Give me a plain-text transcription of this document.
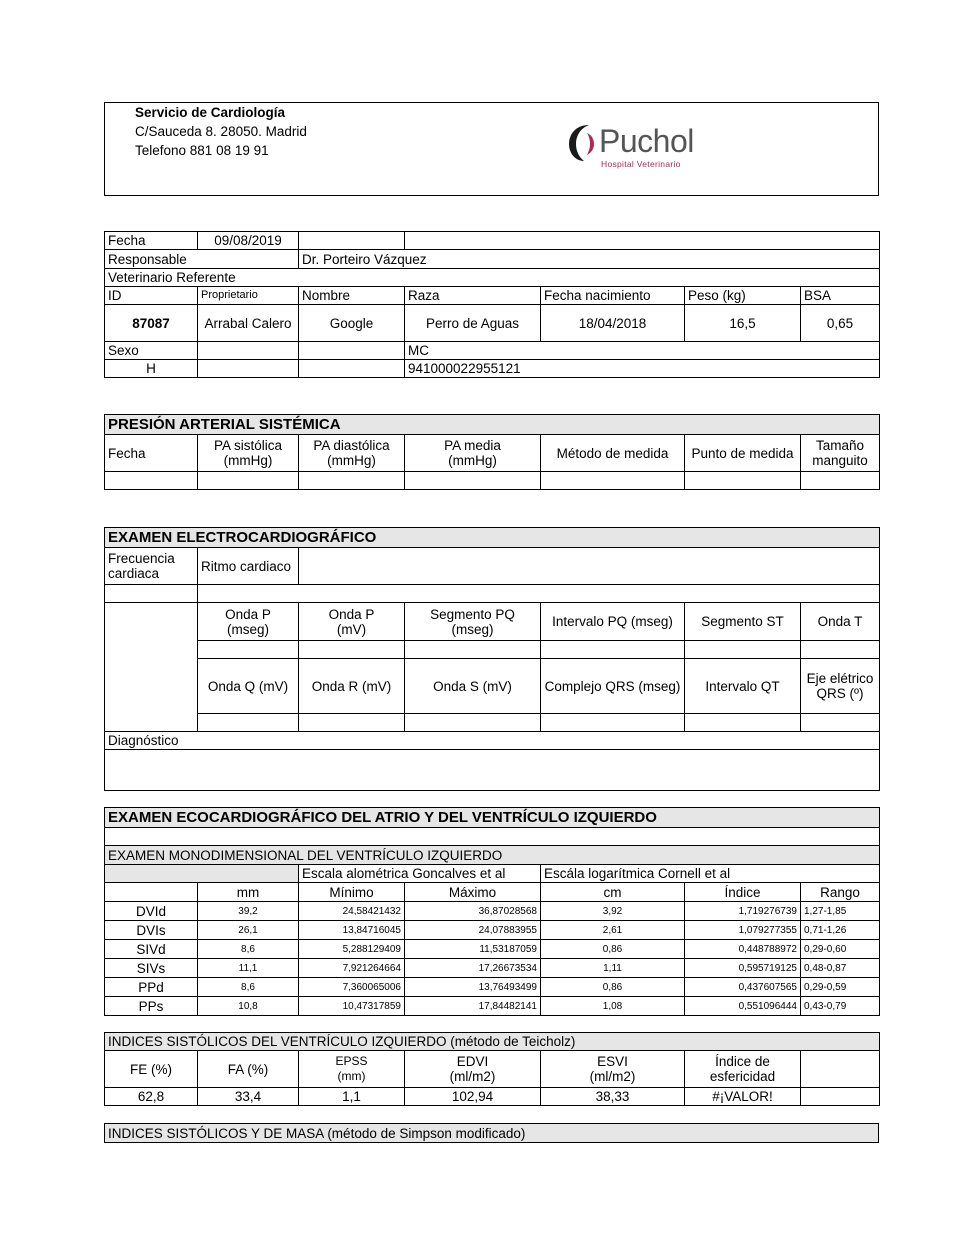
Servicio de Cardiología
C/Sauceda 8. 28050. Madrid
Telefono 881 08 19 91	Puchol
Hospital Veterinario
Fecha	09/08/2019					
Responsable		Dr. Porteiro Vázquez				
Veterinario Referente						
ID	Proprietario	Nombre	Raza	Fecha nacimiento	Peso (kg)	BSA
87087	Arrabal Calero	Google	Perro de Aguas	18/04/2018	16,5	0,65
Sexo			MC			
H			941000022955121			
PRESIÓN ARTERIAL SISTÉMICA						
Fecha	PA sistólica (mmHg)	PA diastólica (mmHg)	PA media (mmHg)	Método de medida	Punto de medida	Tamaño manguito

EXAMEN ELECTROCARDIOGRÁFICO						
Frecuencia cardiaca	Ritmo cardiaco					

	Onda P (mseg)	Onda P (mV)	Segmento PQ (mseg)	Intervalo PQ (mseg)	Segmento ST	Onda T

	Onda Q (mV)	Onda R (mV)	Onda S (mV)	Complejo QRS (mseg)	Intervalo QT	Eje elétrico QRS (º)

Diagnóstico						

EXAMEN ECOCARDIOGRÁFICO DEL ATRIO Y DEL VENTRÍCULO IZQUIERDO						

EXAMEN MONODIMENSIONAL DEL VENTRÍCULO IZQUIERDO						
		Escala alométrica Goncalves et al		Escála logarítmica Cornell et al		
	mm	Mínimo	Máximo	cm	Índice	Rango
DVId	39,2	24,58421432	36,87028568	3,92	1,719276739	1,27-1,85
DVIs	26,1	13,84716045	24,07883955	2,61	1,079277355	0,71-1,26
SIVd	8,6	5,288129409	11,53187059	0,86	0,448788972	0,29-0,60
SIVs	11,1	7,921264664	17,26673534	1,11	0,595719125	0,48-0,87
PPd	8,6	7,360065006	13,76493499	0,86	0,437607565	0,29-0,59
PPs	10,8	10,47317859	17,84482141	1,08	0,551096444	0,43-0,79
INDICES SISTÓLICOS DEL VENTRÍCULO IZQUIERDO (método de Teicholz)						
FE (%)	FA (%)	EPSS (mm)	EDVI (ml/m2)	ESVI (ml/m2)	Índice de esfericidad	
62,8	33,4	1,1	102,94	38,33	#¡VALOR!	
INDICES SISTÓLICOS Y DE MASA (método de Simpson modificado)
